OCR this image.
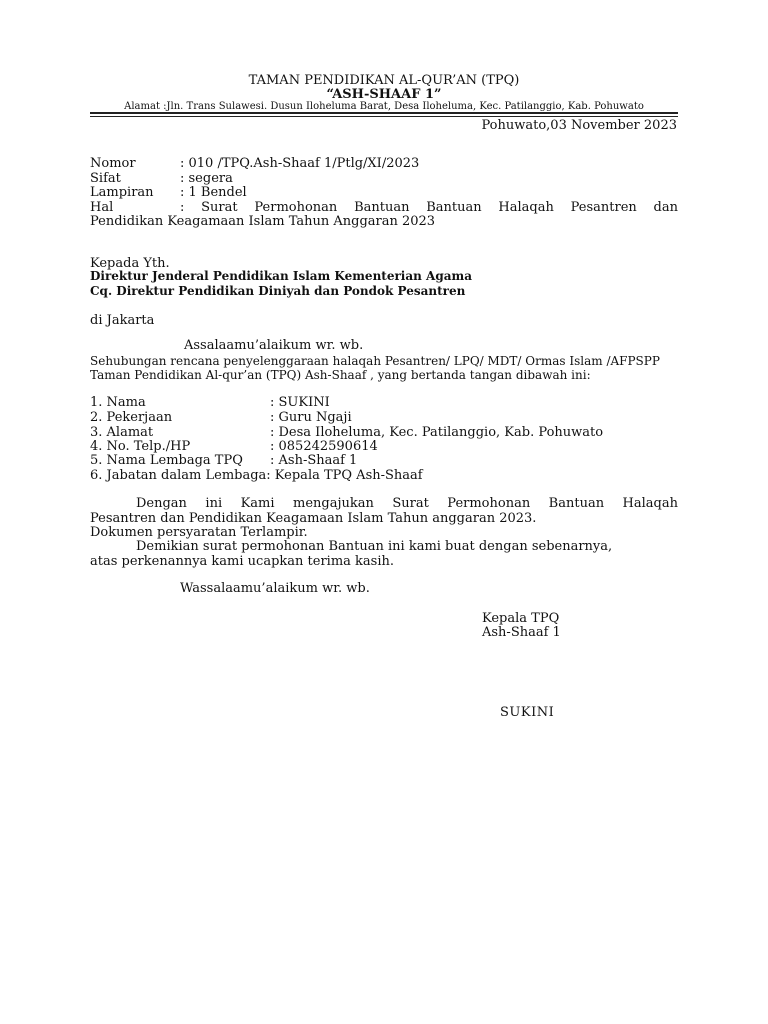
TAMAN PENDIDIKAN AL-QUR’AN (TPQ)
“ASH-SHAAF 1”
Alamat :Jln. Trans Sulawesi. Dusun Iloheluma Barat, Desa Iloheluma, Kec. Patilanggio, Kab. Pohuwato
Pohuwato,03 November 2023
Nomor	: 010 /TPQ.Ash-Shaaf 1/Ptlg/XI/2023
Sifat	: segera
Lampiran : 1 Bendel
Hal	: Surat Permohonan Bantuan Bantuan Halaqah Pesantren dan
Pendidikan Keagamaan Islam Tahun Anggaran 2023
Kepada Yth.
Direktur Jenderal Pendidikan Islam Kementerian Agama
Cq. Direktur Pendidikan Diniyah dan Pondok Pesantren
di Jakarta
Assalaamu’alaikum wr. wb.
Sehubungan rencana penyelenggaraan halaqah Pesantren/ LPQ/ MDT/ Ormas Islam /AFPSPP
Taman Pendidikan Al-qur’an (TPQ) Ash-Shaaf , yang bertanda tangan dibawah ini:
1. Nama	: SUKINI
2. Pekerjaan	: Guru Ngaji
3. Alamat	: Desa Iloheluma, Kec. Patilanggio, Kab. Pohuwato
4. No. Telp./HP	: 085242590614
5. Nama Lembaga TPQ : Ash-Shaaf 1
6. Jabatan dalam Lembaga: Kepala TPQ Ash-Shaaf
Dengan ini Kami mengajukan Surat Permohonan Bantuan Halaqah
Pesantren dan Pendidikan Keagamaan Islam Tahun anggaran 2023.
Dokumen persyaratan Terlampir.
Demikian surat permohonan Bantuan ini kami buat dengan sebenarnya,
atas perkenannya kami ucapkan terima kasih.
Wassalaamu’alaikum wr. wb.
Kepala TPQ
Ash-Shaaf 1
SUKINI
